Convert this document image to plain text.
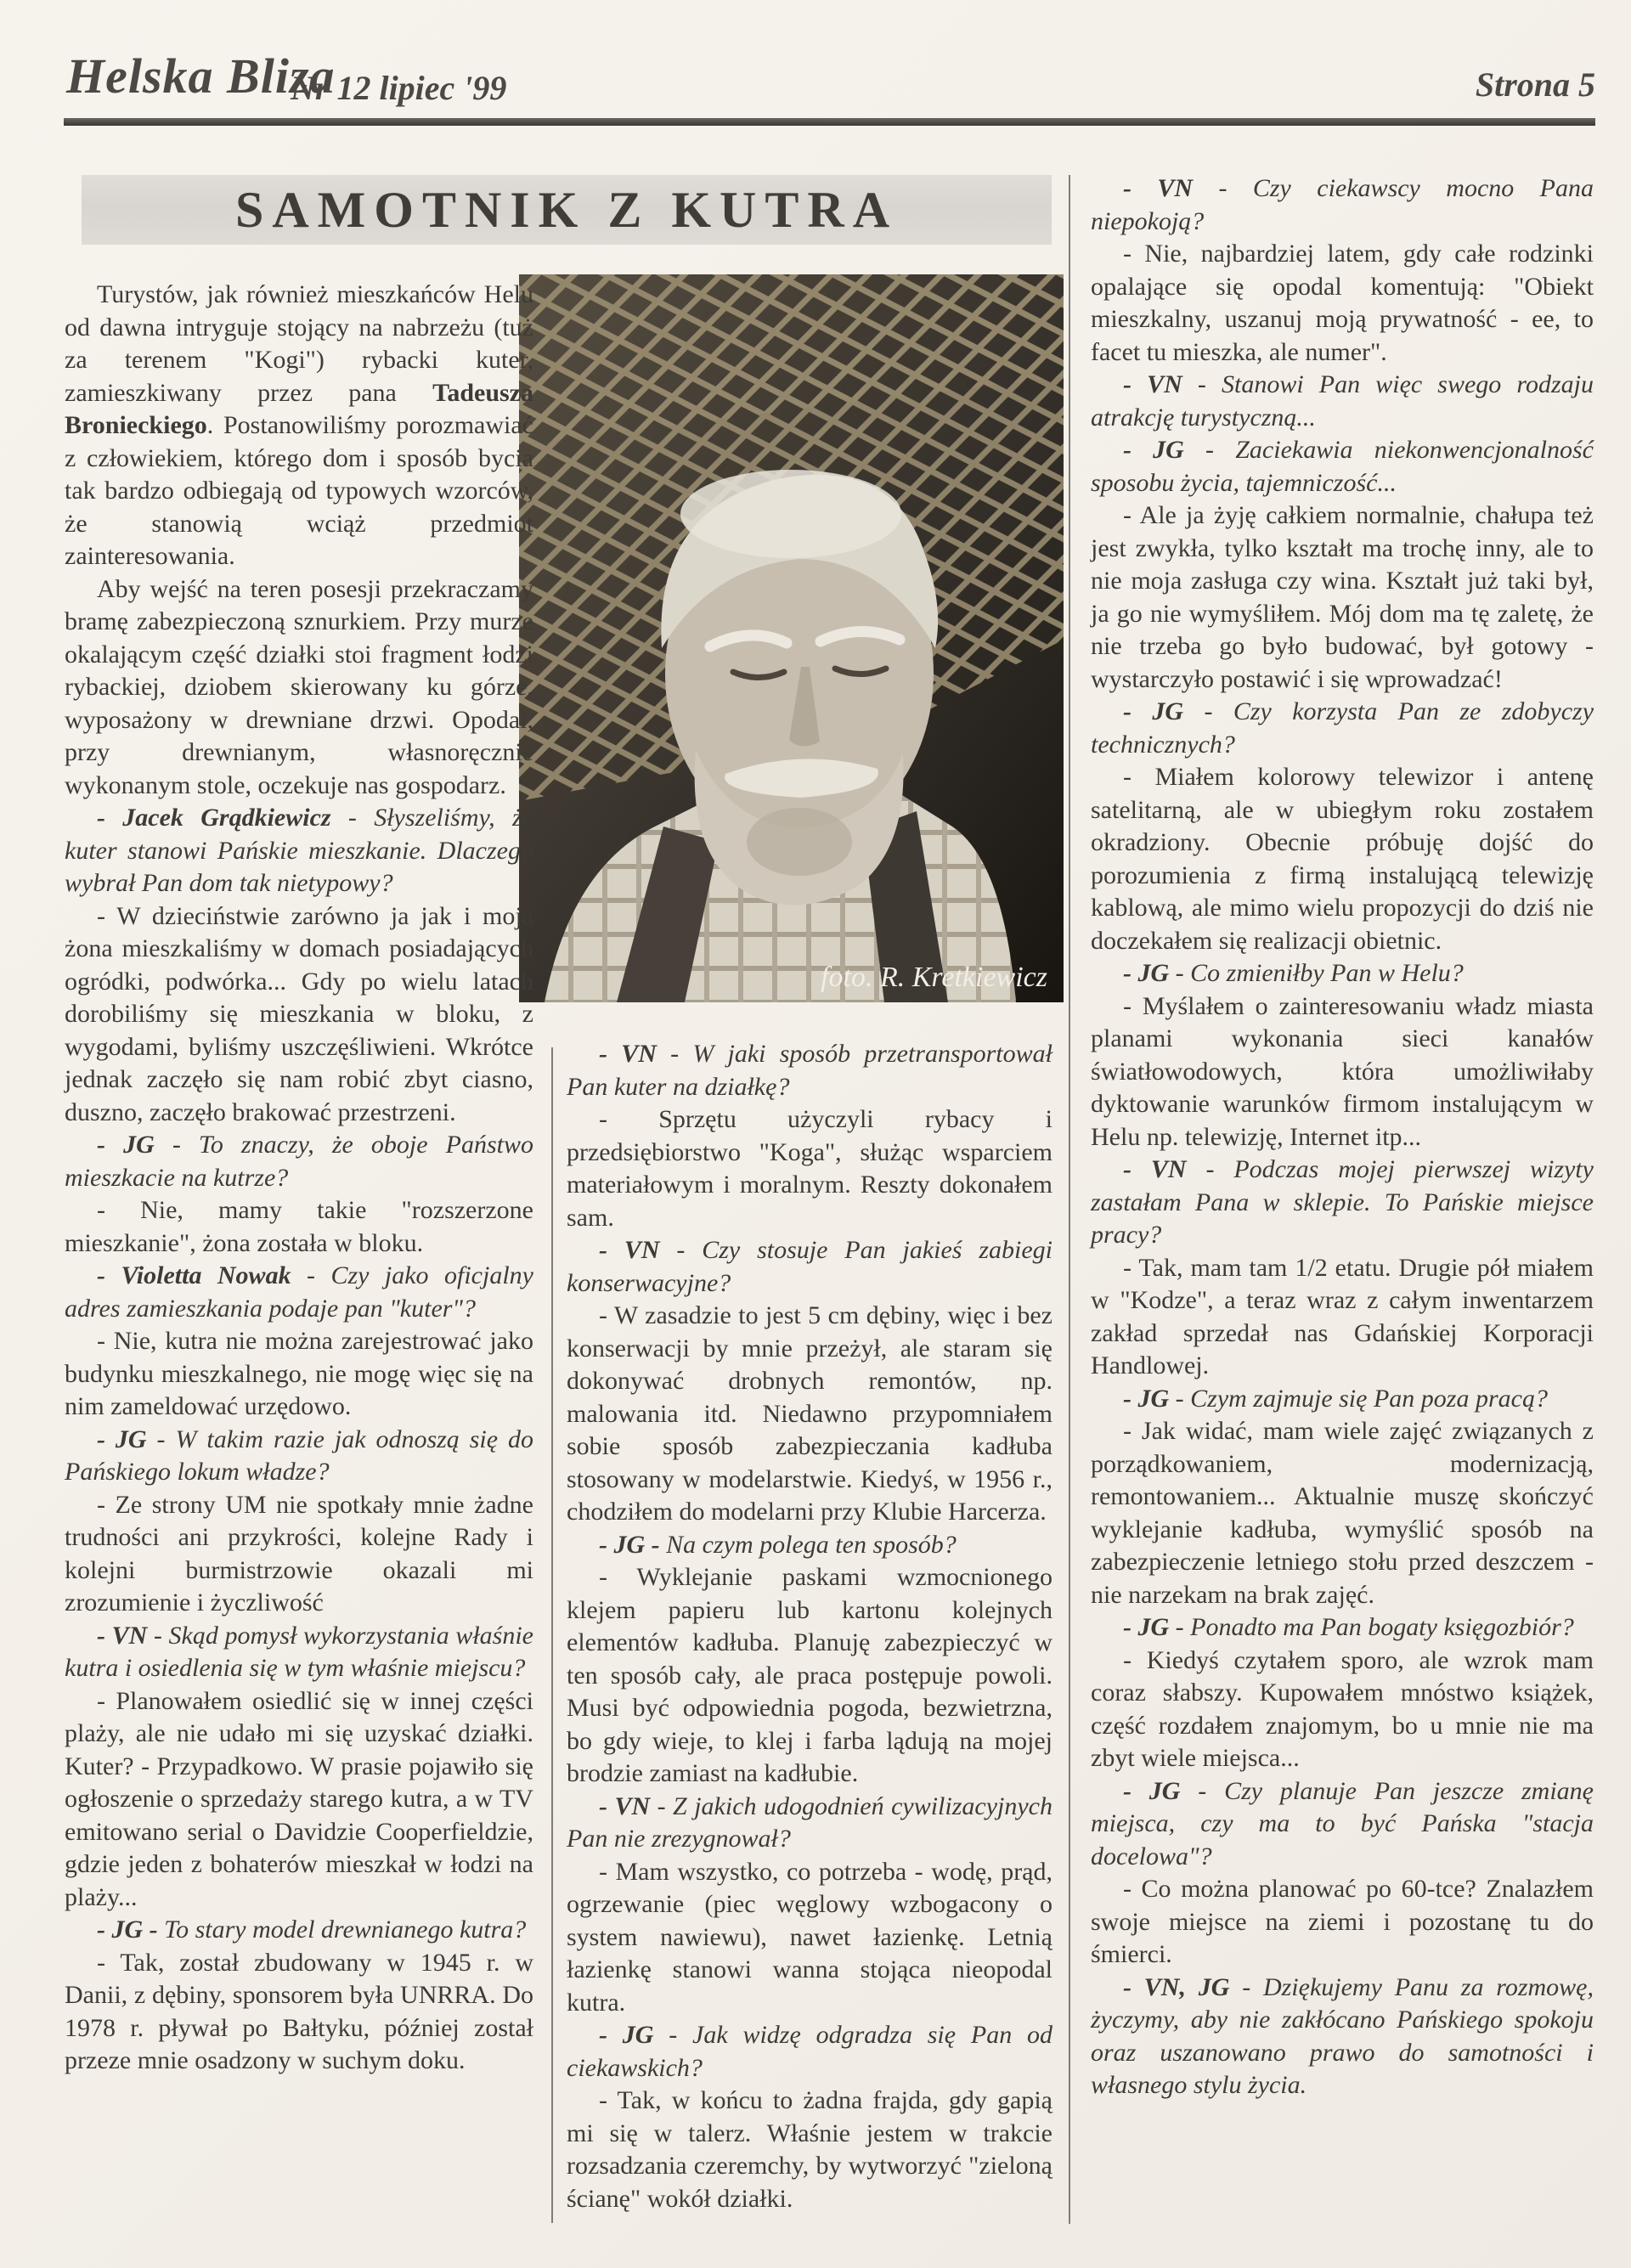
Helska Bliza
Nr 12 lipiec '99	Strona 5
SAMOTNIK Z KUTRA
foto. R. Kretkiewicz

Turystów, jak również mieszkańców Helu od dawna intryguje stojący na nabrzeżu (tuż za terenem "Kogi") rybacki kuter, zamieszkiwany przez pana Tadeusza Bronieckiego. Postanowiliśmy porozmawiać z człowiekiem, którego dom i sposób bycia tak bardzo odbiegają od typowych wzorców, że stanowią wciąż przedmiot zainteresowania.

Aby wejść na teren posesji przekraczamy bramę zabezpieczoną sznurkiem. Przy murze okalającym część działki stoi fragment łodzi rybackiej, dziobem skierowany ku górze, wyposażony w drewniane drzwi. Opodal, przy drewnianym, własnoręcznie wykonanym stole, oczekuje nas gospodarz.

- Jacek Grądkiewicz - Słyszeliśmy, że kuter stanowi Pańskie mieszkanie. Dlaczego wybrał Pan dom tak nietypowy?

- W dzieciństwie zarówno ja jak i moja żona mieszkaliśmy w domach posiadających ogródki, podwórka... Gdy po wielu latach dorobiliśmy się mieszkania w bloku, z wygodami, byliśmy uszczęśliwieni. Wkrótce jednak zaczęło się nam robić zbyt ciasno, duszno, zaczęło brakować przestrzeni.

- JG - To znaczy, że oboje Państwo mieszkacie na kutrze?

- Nie, mamy takie "rozszerzone mieszkanie", żona została w bloku.

- Violetta Nowak - Czy jako oficjalny adres zamieszkania podaje pan "kuter"?

- Nie, kutra nie można zarejestrować jako budynku mieszkalnego, nie mogę więc się na nim zameldować urzędowo.

- JG - W takim razie jak odnoszą się do Pańskiego lokum władze?

- Ze strony UM nie spotkały mnie żadne trudności ani przykrości, kolejne Rady i kolejni burmistrzowie okazali mi zrozumienie i życzliwość

- VN - Skąd pomysł wykorzystania właśnie kutra i osiedlenia się w tym właśnie miejscu?

- Planowałem osiedlić się w innej części plaży, ale nie udało mi się uzyskać działki. Kuter? - Przypadkowo. W prasie pojawiło się ogłoszenie o sprzedaży starego kutra, a w TV emitowano serial o Davidzie Cooperfieldzie, gdzie jeden z bohaterów mieszkał w łodzi na plaży...

- JG - To stary model drewnianego kutra?

- Tak, został zbudowany w 1945 r. w Danii, z dębiny, sponsorem była UNRRA. Do 1978 r. pływał po Bałtyku, później został przeze mnie osadzony w suchym doku.

- VN - W jaki sposób przetransportował Pan kuter na działkę?

- Sprzętu użyczyli rybacy i przedsiębiorstwo "Koga", służąc wsparciem materiałowym i moralnym. Reszty dokonałem sam.

- VN - Czy stosuje Pan jakieś zabiegi konserwacyjne?

- W zasadzie to jest 5 cm dębiny, więc i bez konserwacji by mnie przeżył, ale staram się dokonywać drobnych remontów, np. malowania itd. Niedawno przypomniałem sobie sposób zabezpieczania kadłuba stosowany w modelarstwie. Kiedyś, w 1956 r., chodziłem do modelarni przy Klubie Harcerza.

- JG - Na czym polega ten sposób?

- Wyklejanie paskami wzmocnionego klejem papieru lub kartonu kolejnych elementów kadłuba. Planuję zabezpieczyć w ten sposób cały, ale praca postępuje powoli. Musi być odpowiednia pogoda, bezwietrzna, bo gdy wieje, to klej i farba lądują na mojej brodzie zamiast na kadłubie.

- VN - Z jakich udogodnień cywilizacyjnych Pan nie zrezygnował?

- Mam wszystko, co potrzeba - wodę, prąd, ogrzewanie (piec węglowy wzbogacony o system nawiewu), nawet łazienkę. Letnią łazienkę stanowi wanna stojąca nieopodal kutra.

- JG - Jak widzę odgradza się Pan od ciekawskich?

- Tak, w końcu to żadna frajda, gdy gapią mi się w talerz. Właśnie jestem w trakcie rozsadzania czeremchy, by wytworzyć "zieloną ścianę" wokół działki.

- VN - Czy ciekawscy mocno Pana niepokoją?

- Nie, najbardziej latem, gdy całe rodzinki opalające się opodal komentują: "Obiekt mieszkalny, uszanuj moją prywatność - ee, to facet tu mieszka, ale numer".

- VN - Stanowi Pan więc swego rodzaju atrakcję turystyczną...

- JG - Zaciekawia niekonwencjonalność sposobu życia, tajemniczość...

- Ale ja żyję całkiem normalnie, chałupa też jest zwykła, tylko kształt ma trochę inny, ale to nie moja zasługa czy wina. Kształt już taki był, ja go nie wymyśliłem. Mój dom ma tę zaletę, że nie trzeba go było budować, był gotowy - wystarczyło postawić i się wprowadzać!

- JG - Czy korzysta Pan ze zdobyczy technicznych?

- Miałem kolorowy telewizor i antenę satelitarną, ale w ubiegłym roku zostałem okradziony. Obecnie próbuję dojść do porozumienia z firmą instalującą telewizję kablową, ale mimo wielu propozycji do dziś nie doczekałem się realizacji obietnic.

- JG - Co zmieniłby Pan w Helu?

- Myślałem o zainteresowaniu władz miasta planami wykonania sieci kanałów światłowodowych, która umożliwiłaby dyktowanie warunków firmom instalującym w Helu np. telewizję, Internet itp...

- VN - Podczas mojej pierwszej wizyty zastałam Pana w sklepie. To Pańskie miejsce pracy?

- Tak, mam tam 1/2 etatu. Drugie pół miałem w "Kodze", a teraz wraz z całym inwentarzem zakład sprzedał nas Gdańskiej Korporacji Handlowej.

- JG - Czym zajmuje się Pan poza pracą?

- Jak widać, mam wiele zajęć związanych z porządkowaniem, modernizacją, remontowaniem... Aktualnie muszę skończyć wyklejanie kadłuba, wymyślić sposób na zabezpieczenie letniego stołu przed deszczem - nie narzekam na brak zajęć.

- JG - Ponadto ma Pan bogaty księgozbiór?

- Kiedyś czytałem sporo, ale wzrok mam coraz słabszy. Kupowałem mnóstwo książek, część rozdałem znajomym, bo u mnie nie ma zbyt wiele miejsca...

- JG - Czy planuje Pan jeszcze zmianę miejsca, czy ma to być Pańska "stacja docelowa"?

- Co można planować po 60-tce? Znalazłem swoje miejsce na ziemi i pozostanę tu do śmierci.

- VN, JG - Dziękujemy Panu za rozmowę, życzymy, aby nie zakłócano Pańskiego spokoju oraz uszanowano prawo do samotności i własnego stylu życia.
